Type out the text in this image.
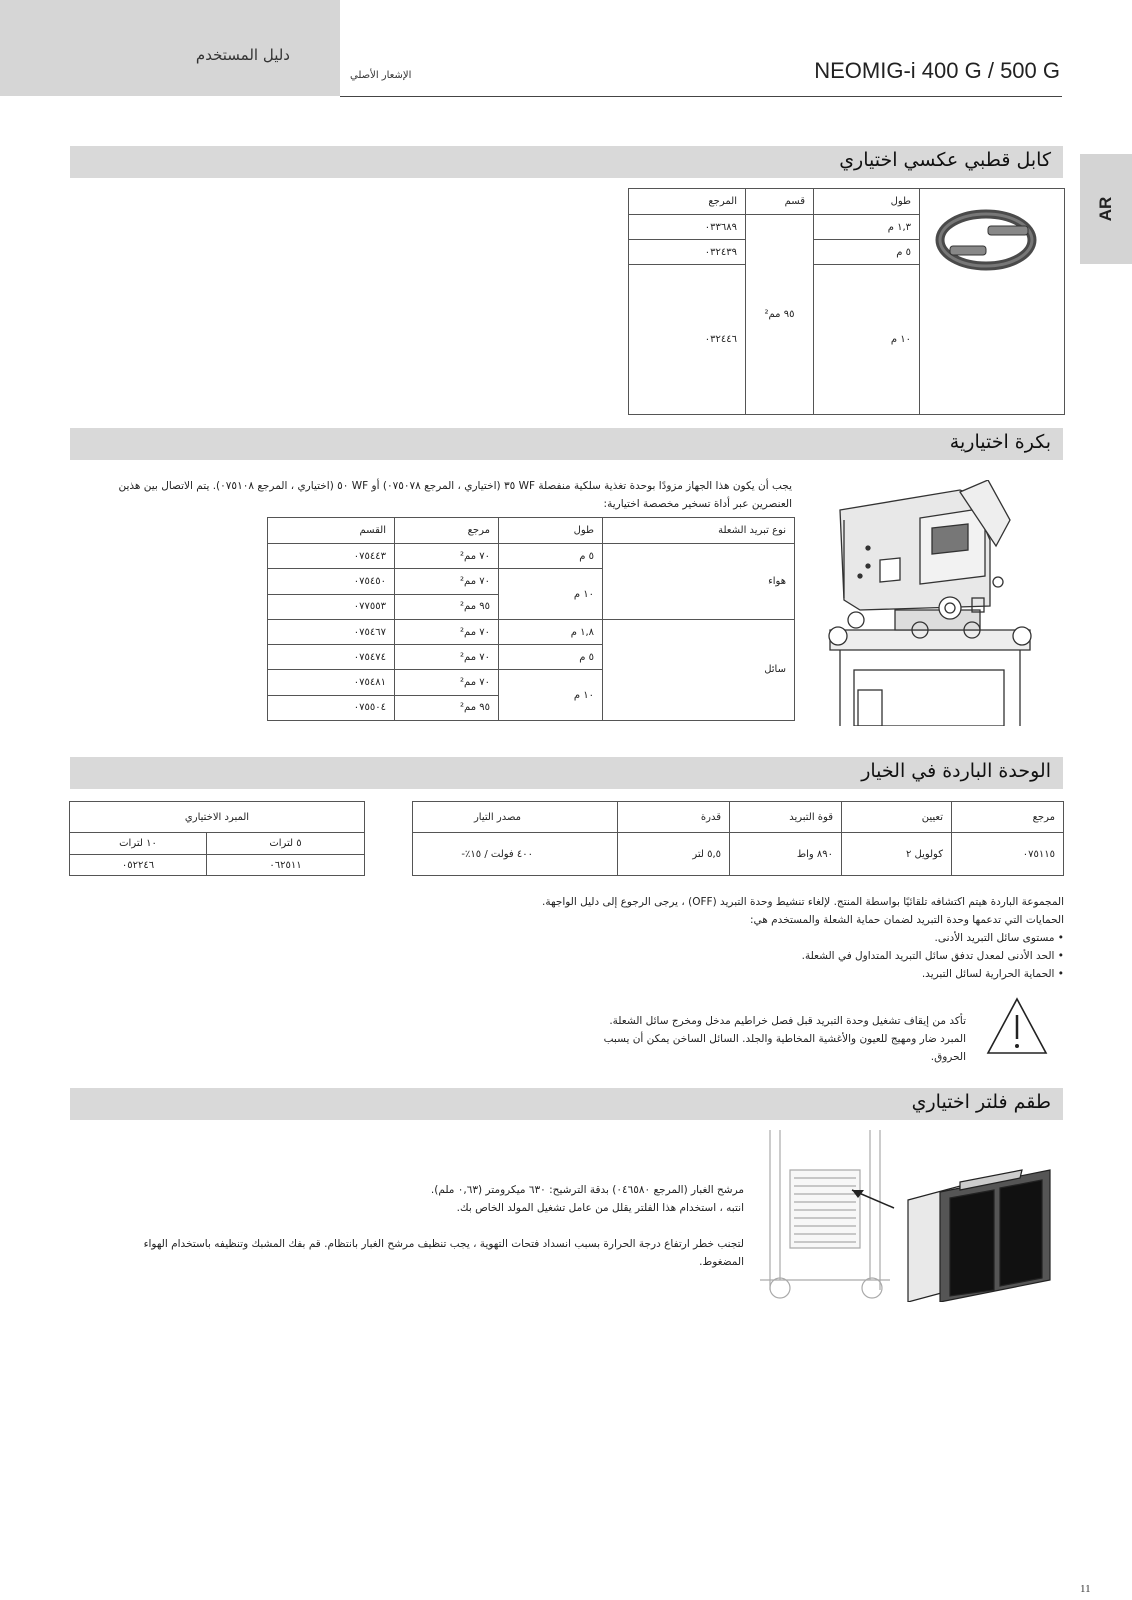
دليل المستخدم
الإشعار الأصلي	NEOMIG-i 400 G / 500 G
AR
كابل قطبي عكسي اختياري
طول	قسم	المرجع
١,٣ م	٩٥ مم²	٠٣٣٦٨٩
٥ م		٠٣٢٤٣٩
١٠ م		٠٣٢٤٤٦
بكرة اختيارية
يجب أن يكون هذا الجهاز مزودًا بوحدة تغذية سلكية منفصلة WF ٣٥ (اختياري ، المرجع ٠٧٥٠٧٨) أو WF ٥٠ (اختياري ، المرجع ٠٧٥١٠٨). يتم الاتصال بين هذين العنصرين عبر أداة تسخير مخصصة اختيارية:
نوع تبريد الشعلة	طول	مرجع	القسم
هواء	٥ م	٧٠ مم²	٠٧٥٤٤٣
	١٠ م	٧٠ مم²	٠٧٥٤٥٠
		٩٥ مم²	٠٧٧٥٥٣
سائل	١,٨ م	٧٠ مم²	٠٧٥٤٦٧
	٥ م	٧٠ مم²	٠٧٥٤٧٤
	١٠ م	٧٠ مم²	٠٧٥٤٨١
		٩٥ مم²	٠٧٥٥٠٤
الوحدة الباردة في الخيار
مرجع	تعيين	قوة التبريد	قدرة	مصدر التيار
٠٧٥١١٥	كولويل ٢	٨٩٠ واط	٥,٥ لتر	٤٠٠ فولت / ١٥٪-
المبرد الاختياري	
٥ لترات	١٠ لترات
٠٦٢٥١١	٠٥٢٢٤٦
المجموعة الباردة هيتم اكتشافه تلقائيًا بواسطة المنتج. لإلغاء تنشيط وحدة التبريد (OFF) ، يرجى الرجوع إلى دليل الواجهة.
الحمايات التي تدعمها وحدة التبريد لضمان حماية الشعلة والمستخدم هي:
• مستوى سائل التبريد الأدنى.
• الحد الأدنى لمعدل تدفق سائل التبريد المتداول في الشعلة.
• الحماية الحرارية لسائل التبريد.
تأكد من إيقاف تشغيل وحدة التبريد قبل فصل خراطيم مدخل ومخرج سائل الشعلة.
المبرد ضار ومهيج للعيون والأغشية المخاطية والجلد. السائل الساخن يمكن أن يسبب الحروق.
طقم فلتر اختياري
مرشح الغبار (المرجع ٠٤٦٥٨٠) بدقة الترشيح: ٦٣٠ ميكرومتر (٠,٦٣ ملم).
انتبه ، استخدام هذا الفلتر يقلل من عامل تشغيل المولد الخاص بك.
لتجنب خطر ارتفاع درجة الحرارة بسبب انسداد فتحات التهوية ، يجب تنظيف مرشح الغبار بانتظام. قم بفك المشبك وتنظيفه باستخدام الهواء المضغوط.
11
